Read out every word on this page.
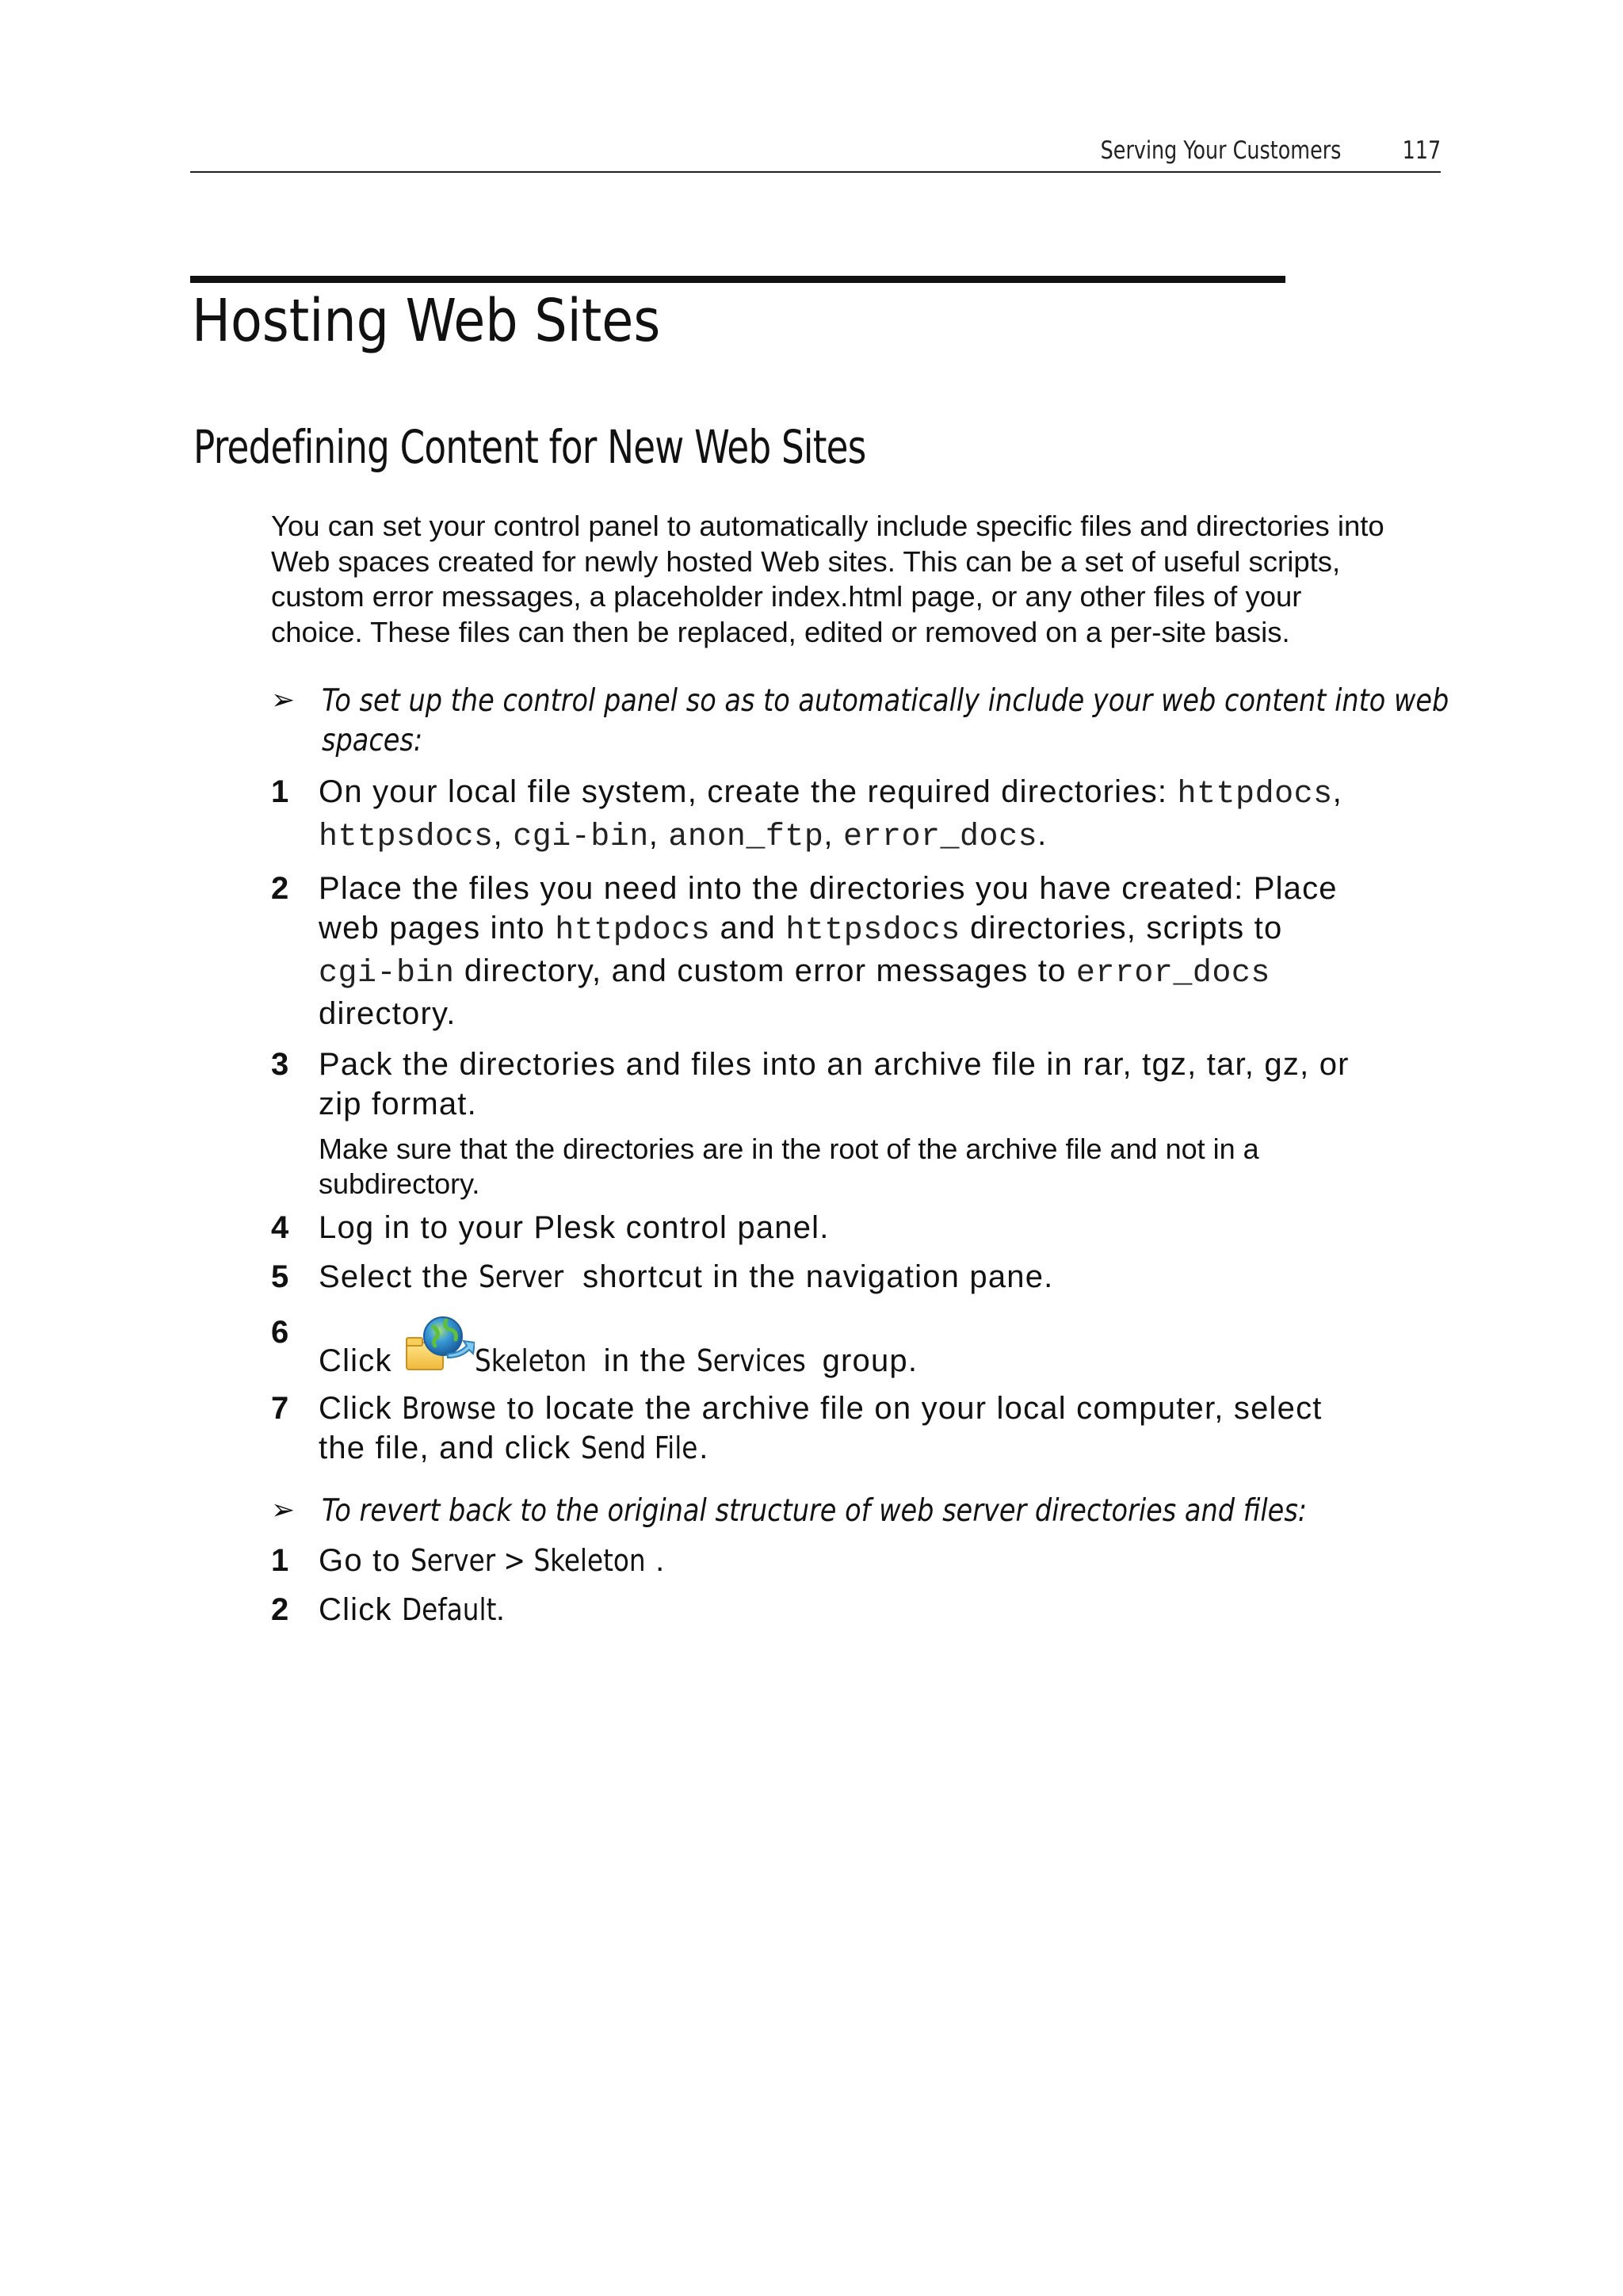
Serving Your Customers 117
Hosting Web Sites
Predefining Content for New Web Sites

You can set your control panel to automatically include specific files and directories into
Web spaces created for newly hosted Web sites. This can be a set of useful scripts,
custom error messages, a placeholder index.html page, or any other files of your
choice. These files can then be replaced, edited or removed on a per-site basis.

➢ To set up the control panel so as to automatically include your web content into web
spaces:
1 On your local file system, create the required directories: httpdocs,
httpsdocs, cgi-bin, anon_ftp, error_docs.
2 Place the files you need into the directories you have created: Place
web pages into httpdocs and httpsdocs directories, scripts to
cgi-bin directory, and custom error messages to error_docs
directory.
3 Pack the directories and files into an archive file in rar, tgz, tar, gz, or
zip format.
Make sure that the directories are in the root of the archive file and not in a
subdirectory.
4 Log in to your Plesk control panel.
5 Select the Server shortcut in the navigation pane.
6
Click Skeleton in the Services group.
7 Click Browse to locate the archive file on your local computer, select
the file, and click Send File.
➢ To revert back to the original structure of web server directories and files:
1 Go to Server > Skeleton .
2 Click Default.
